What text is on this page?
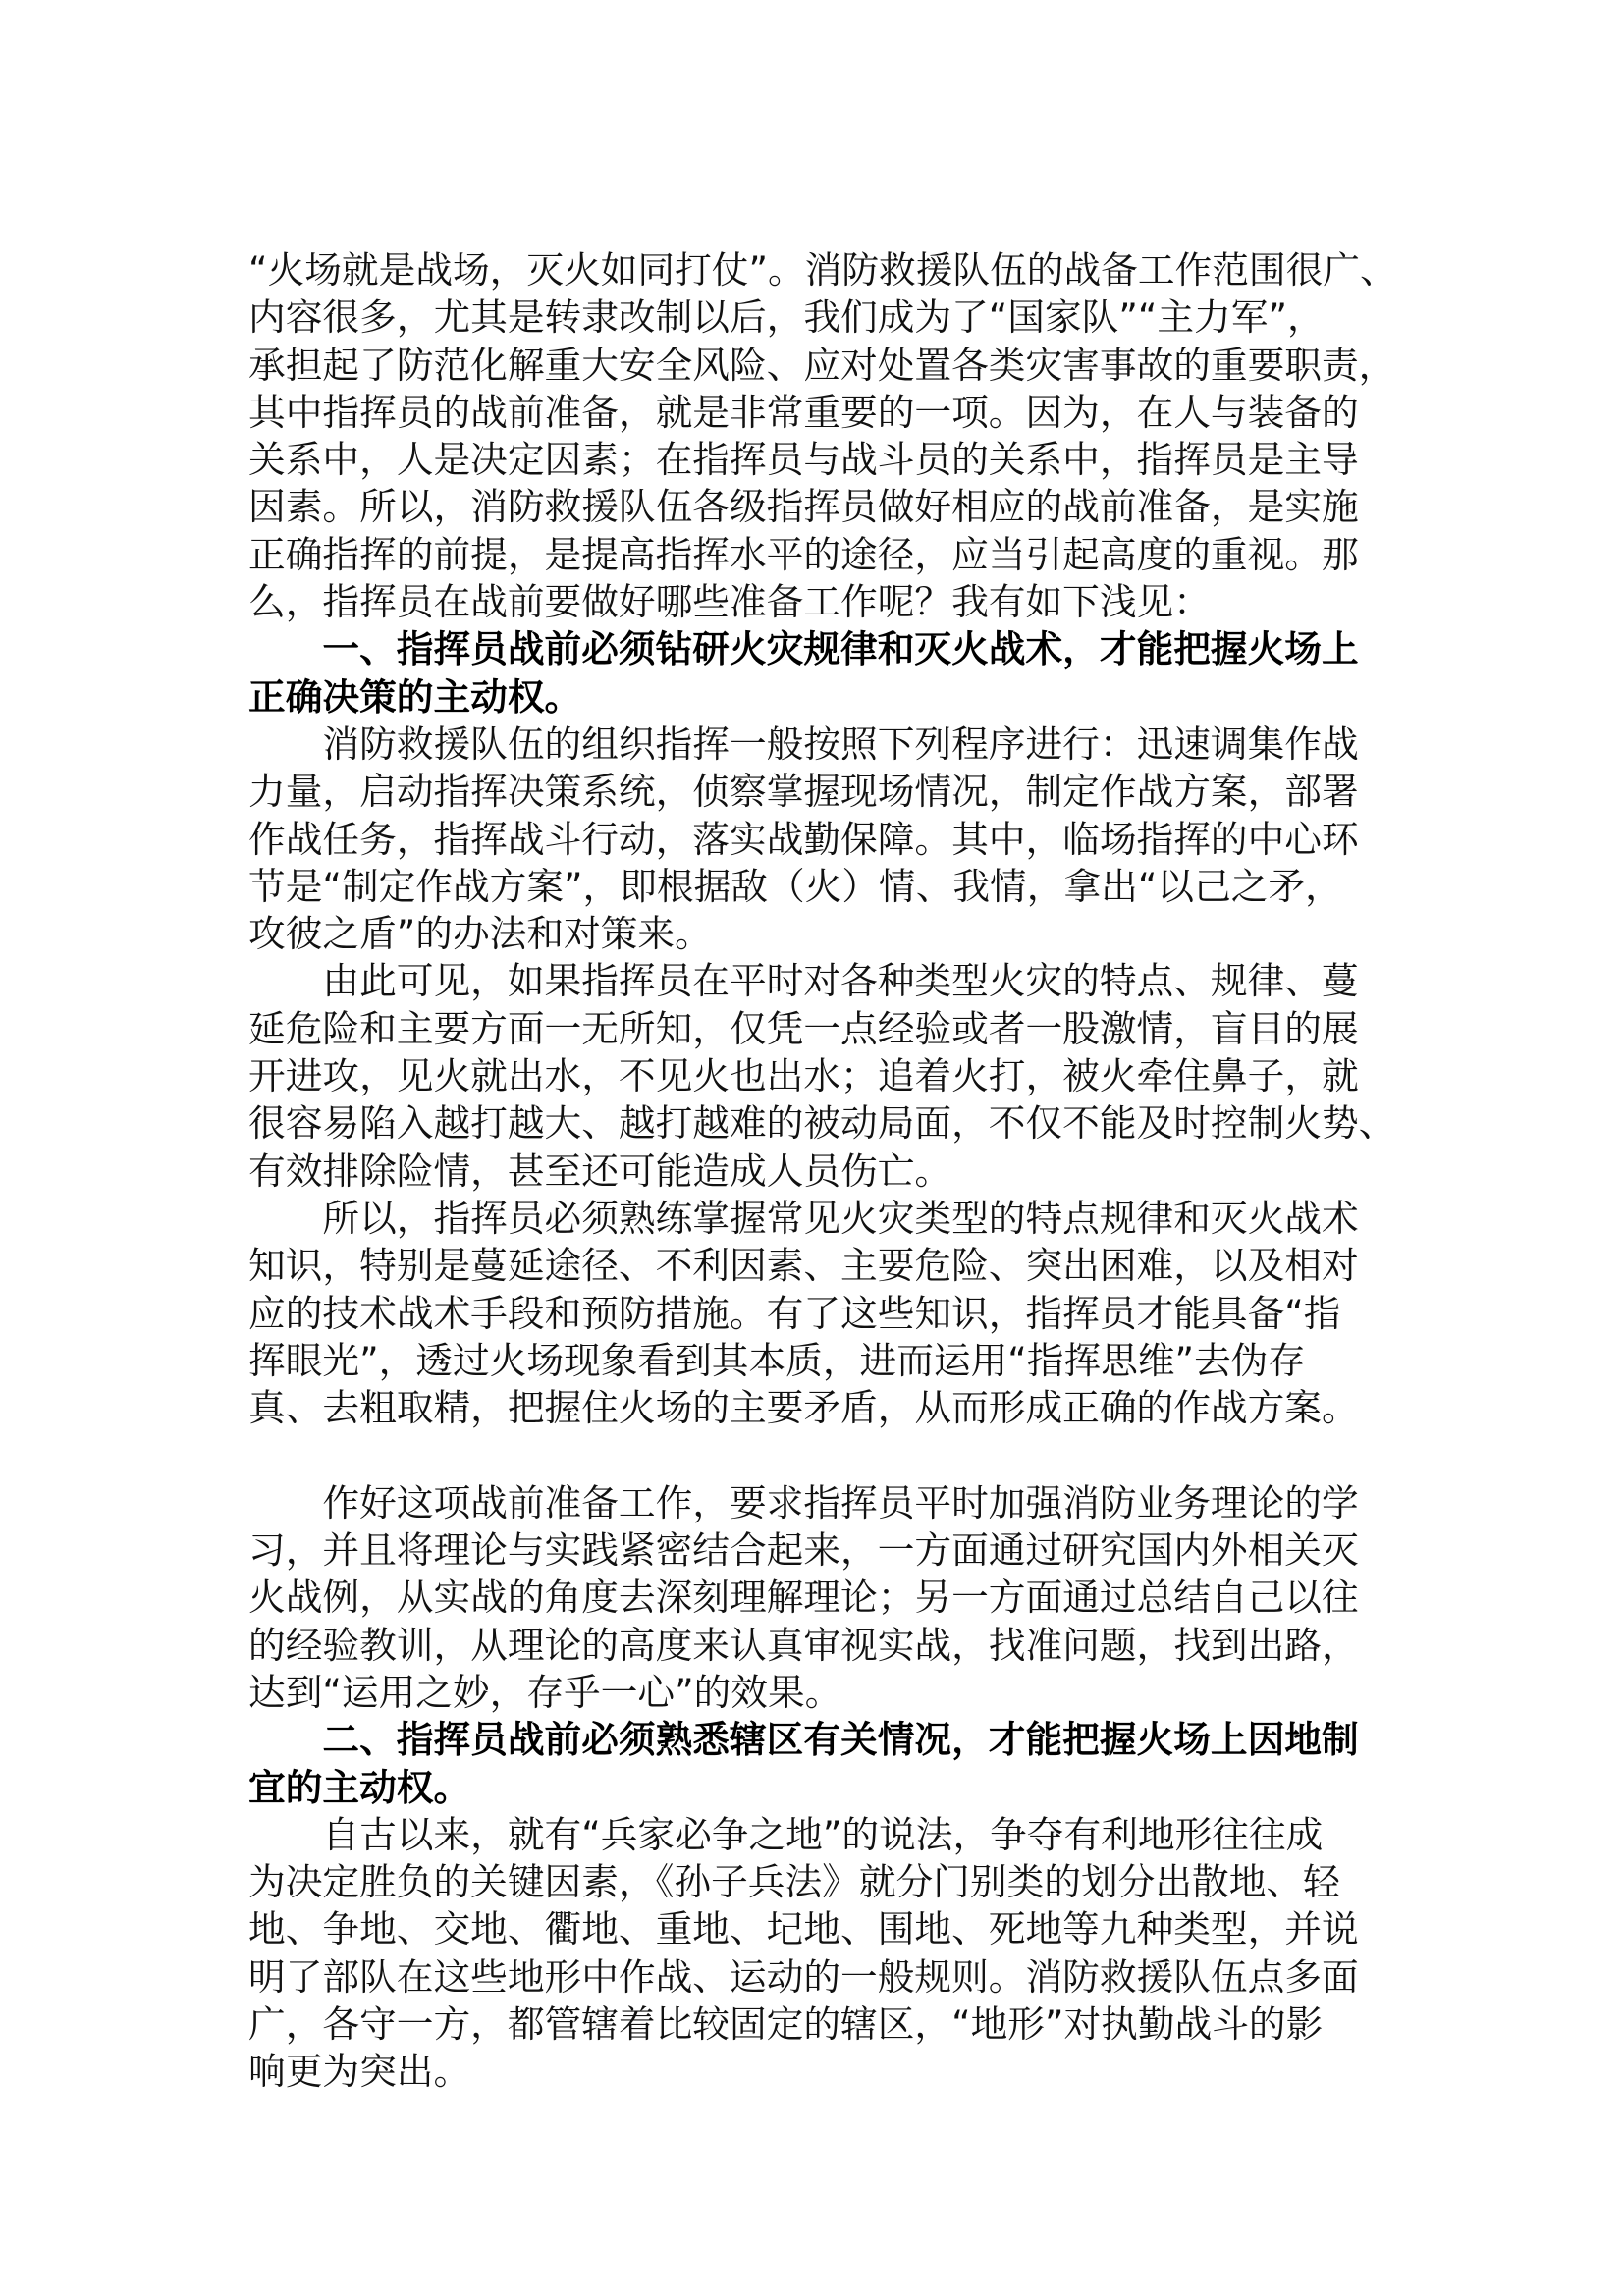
“火场就是战场，灭火如同打仗”。消防救援队伍的战备工作范围很广、
内容很多，尤其是转隶改制以后，我们成为了“国家队”“主力军”，
承担起了防范化解重大安全风险、应对处置各类灾害事故的重要职责，
其中指挥员的战前准备，就是非常重要的一项。因为，在人与装备的
关系中，人是决定因素；在指挥员与战斗员的关系中，指挥员是主导
因素。所以，消防救援队伍各级指挥员做好相应的战前准备，是实施
正确指挥的前提，是提高指挥水平的途径，应当引起高度的重视。那
么，指挥员在战前要做好哪些准备工作呢？我有如下浅见：
一、指挥员战前必须钻研火灾规律和灭火战术，才能把握火场上
正确决策的主动权。
消防救援队伍的组织指挥一般按照下列程序进行：迅速调集作战
力量，启动指挥决策系统，侦察掌握现场情况，制定作战方案，部署
作战任务，指挥战斗行动，落实战勤保障。其中，临场指挥的中心环
节是“制定作战方案”，即根据敌（火）情、我情，拿出“以己之矛，
攻彼之盾”的办法和对策来。
由此可见，如果指挥员在平时对各种类型火灾的特点、规律、蔓
延危险和主要方面一无所知，仅凭一点经验或者一股激情，盲目的展
开进攻，见火就出水，不见火也出水；追着火打，被火牵住鼻子，就
很容易陷入越打越大、越打越难的被动局面，不仅不能及时控制火势、
有效排除险情，甚至还可能造成人员伤亡。
所以，指挥员必须熟练掌握常见火灾类型的特点规律和灭火战术
知识，特别是蔓延途径、不利因素、主要危险、突出困难，以及相对
应的技术战术手段和预防措施。有了这些知识，指挥员才能具备“指
挥眼光”，透过火场现象看到其本质，进而运用“指挥思维”去伪存
真、去粗取精，把握住火场的主要矛盾，从而形成正确的作战方案。
作好这项战前准备工作，要求指挥员平时加强消防业务理论的学
习，并且将理论与实践紧密结合起来，一方面通过研究国内外相关灭
火战例，从实战的角度去深刻理解理论；另一方面通过总结自己以往
的经验教训，从理论的高度来认真审视实战，找准问题，找到出路，
达到“运用之妙，存乎一心”的效果。
二、指挥员战前必须熟悉辖区有关情况，才能把握火场上因地制
宜的主动权。
自古以来，就有“兵家必争之地”的说法，争夺有利地形往往成
为决定胜负的关键因素，《孙子兵法》就分门别类的划分出散地、轻
地、争地、交地、衢地、重地、圮地、围地、死地等九种类型，并说
明了部队在这些地形中作战、运动的一般规则。消防救援队伍点多面
广，各守一方，都管辖着比较固定的辖区，“地形”对执勤战斗的影
响更为突出。
